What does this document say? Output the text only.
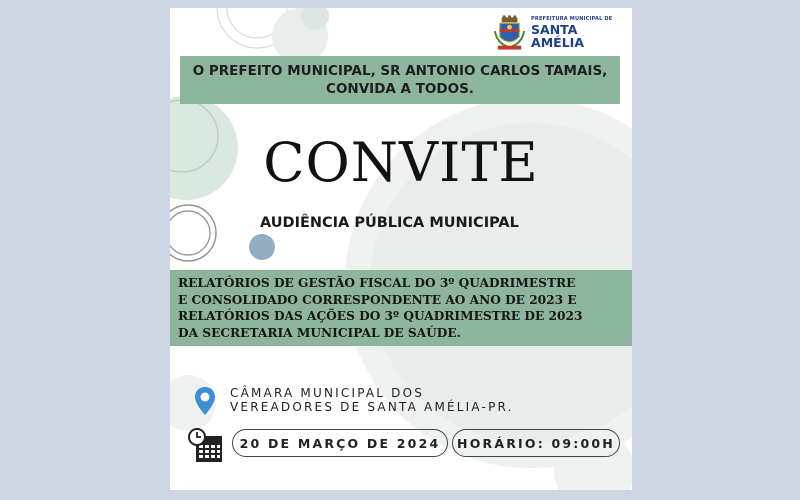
PREFEITURA MUNICIPAL DE
SANTA AMÉLIA
O PREFEITO MUNICIPAL, SR ANTONIO CARLOS TAMAIS,
CONVIDA A TODOS.
CONVITE
AUDIÊNCIA PÚBLICA MUNICIPAL
RELATÓRIOS DE GESTÃO FISCAL DO 3º QUADRIMESTRE
E CONSOLIDADO CORRESPONDENTE AO ANO DE 2023 E
RELATÓRIOS DAS AÇÕES DO 3º QUADRIMESTRE DE 2023
DA SECRETARIA MUNICIPAL DE SAÚDE.
CÂMARA MUNICIPAL DOS
VEREADORES DE SANTA AMÉLIA-PR.
20 DE MARÇO DE 2024	HORÁRIO: 09:00H
